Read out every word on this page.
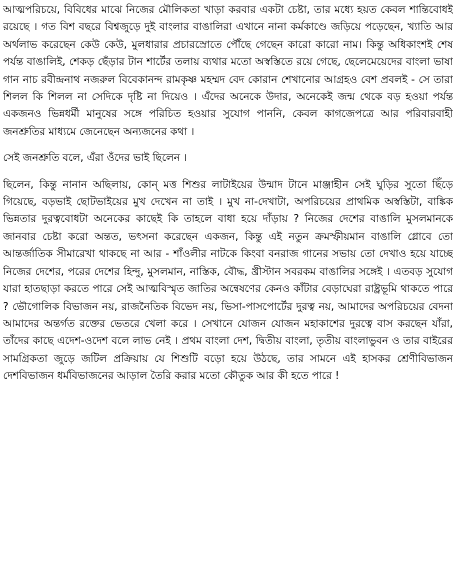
আত্মপরিচয়ে, বিবিধের মাঝে নিজের মৌলিকতা খাড়া করবার একটা চেষ্টা, তার মধ্যে হয়ত কেবল শান্তিবোধই রয়েছে । গত বিশ বছরে বিশ্বজুড়ে দুই বাংলার বাঙালিরা এখানে নানা কর্মকাণ্ডে জড়িয়ে পড়েছেন, খ্যাতি আর অর্থলাভ করেছেন কেউ কেউ, মুলধারার প্রচারস্রোতে পৌঁছে গেছেন কারো কারো নাম। কিন্তু অধিকাংশই শেষ পর্যন্ত বাঙালিই, শেকড় ছেঁড়ার টান শার্টের তলায় ব্যথার মতো অস্বস্তিতে রয়ে গেছে, ছেলেমেয়েদের বাংলা ভাষা গান নাচ রবীন্দ্রনাথ নজরুল বিবেকানন্দ রামকৃষ্ণ মহম্মদ বেদ কোরান শেখানোর আগ্রহও বেশ প্রবলই - সে তারা শিলল কি শিলল না সেদিকে দৃষ্টি না দিয়েও । এঁদের অনেকে উদার, অনেকেই জন্ম থেকে বড় হওয়া পর্যন্ত একজনও ভিন্নধর্মী মানুষের সঙ্গে পরিচিত হওয়ার সুযোগ পাননি, কেবল কাগজেপত্রে আর পরিবারবাহী জনশ্রুতির মাধ্যমে জেনেছেন অন্যজনের কথা ।

সেই জনশ্রুতি বলে, এঁরা ওঁদের ভাই ছিলেন ।

ছিলেন, কিন্তু নানান অছিলায়, কোন্ মত্ত শিশুর লাটাইয়ের উন্মাদ টানে মাঞ্জাহীন সেই ঘুড়ির সুতো ছিঁড়ে গিয়েছে, বড়ভাই ছোটভাইয়ের মুখ দেখেন না তাই । মুখ না-দেখাটা, অপরিচয়ের প্রাথমিক অস্বস্তিটা, বাঙ্কিক ভিন্নতার দুরত্ববোধটা অনেকের কাছেই কি তাহলে বাধা হয়ে দাঁড়ায় ? নিজের দেশের বাঙালি মুসলমানকে জানবার চেষ্টা করো অন্তত, ভৎসনা করেছেন একজন, কিন্তু এই নতুন ক্রমস্ফীয়মান বাঙালি গ্লোবে তো আন্তর্জাতিক সীমারেখা থাকছে না আর - শাঁওলীর নাটকে কিংবা বনরাজ গানের সভায় তো দেখাও হয়ে যাচ্ছে নিজের দেশের, পরের দেশের হিন্দু, মুসলমান, নাস্তিক, বৌদ্ধ, খ্রীস্টান সবরকম বাঙালির সঙ্গেই । এতবড় সুযোগ যারা হাতছাড়া করতে পারে সেই আত্মবিস্মৃত জাতির অন্বেষণের কেনও কাঁটার বেড়াঘেরা রাষ্ট্রভূমি থাকতে পারে ? ভৌগোলিক বিভাজন নয়, রাজনৈতিক বিভেদ নয়, ভিসা-পাসপোর্টের দুরত্ব নয়, আমাদের অপরিচয়ের বেদনা আমাদের অন্তর্গত রক্তের ভেতরে খেলা করে । সেখানে যোজন যোজন মহাকাশের দুরত্বে বাস করছেন যাঁরা, তাঁদের কাছে এদেশ-ওদেশ বলে লাভ নেই । প্রথম বাংলা দেশ, দ্বিতীয় বাংলা, তৃতীয় বাংলাভুবন ও তার বাইরের সামগ্রিকতা জুড়ে জটিল প্রক্রিয়ায় যে শিশুটি বড়ো হয়ে উঠছে, তার সামনে এই হাসকর শ্রেণীবিভাজন দেশবিভাজন ধর্মবিভাজনের আড়াল তৈরি করার মতো কৌতুক আর কী হতে পারে !
